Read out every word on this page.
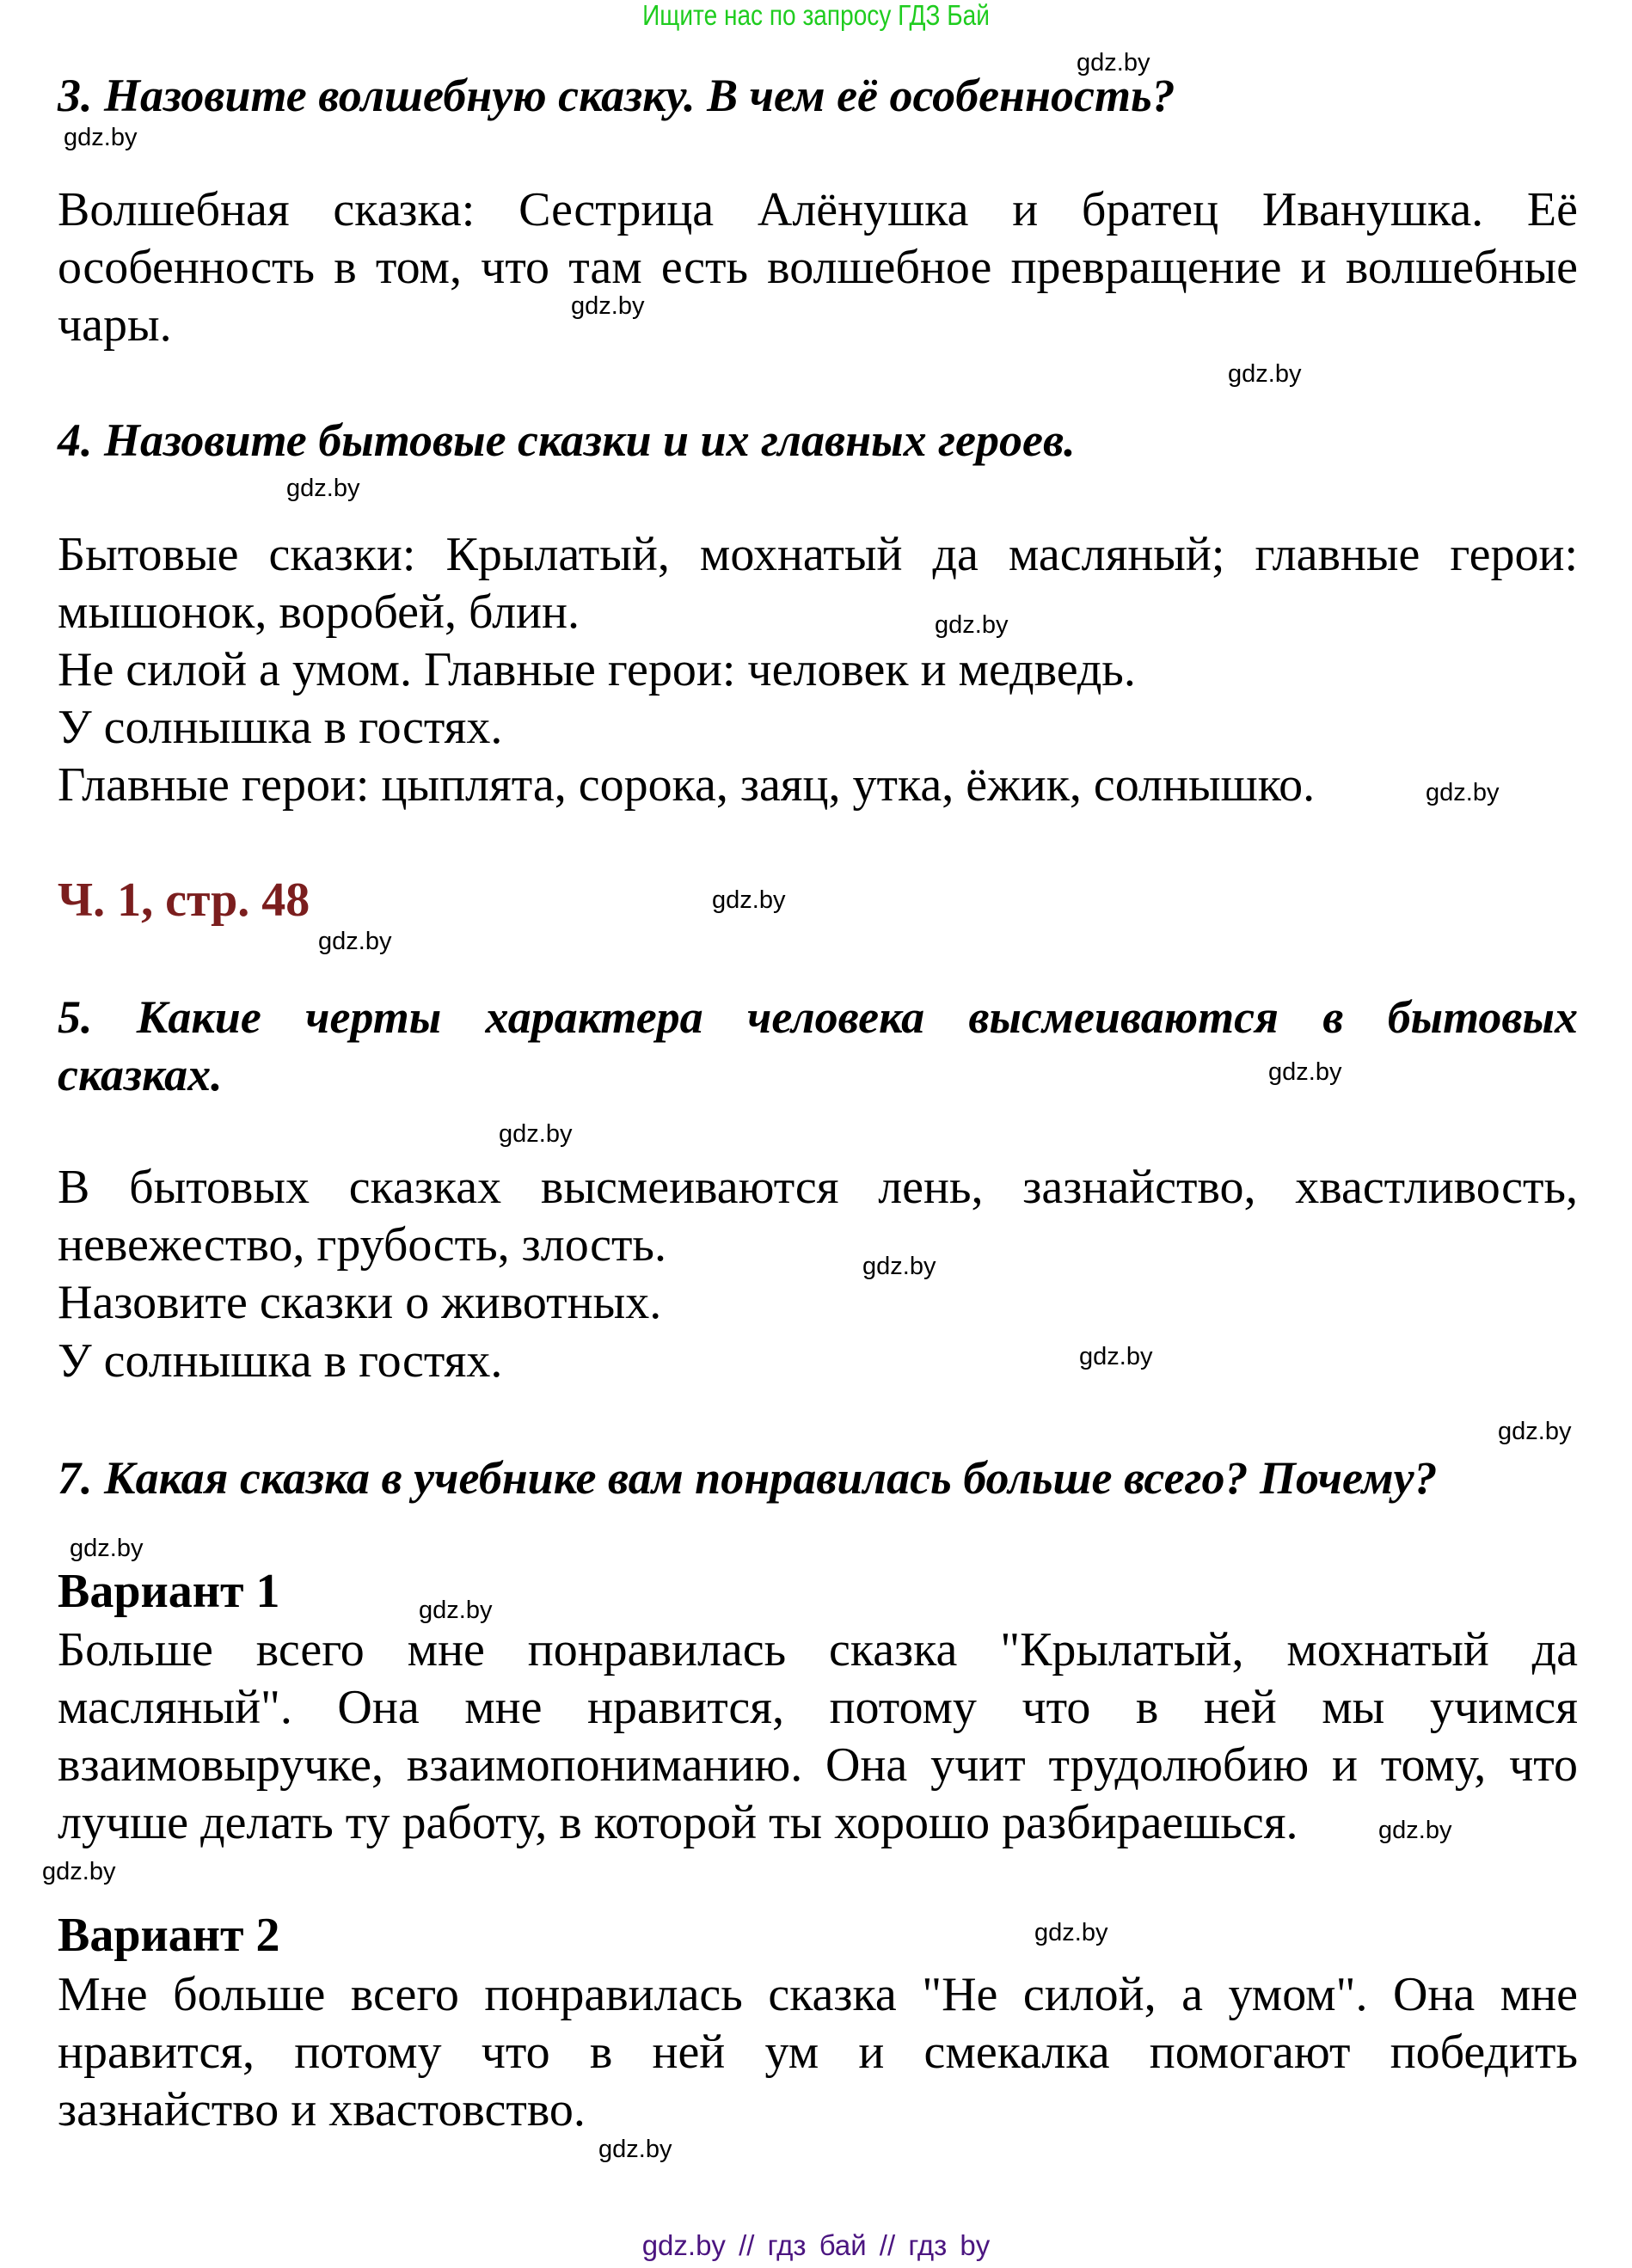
Ищите нас по запросу ГДЗ Бай
gdz.by
gdz.by
gdz.by
gdz.by
gdz.by
gdz.by
gdz.by
gdz.by
gdz.by
gdz.by
gdz.by
gdz.by
gdz.by
gdz.by
gdz.by
gdz.by
gdz.by
gdz.by
gdz.by
gdz.by
3. Назовите волшебную сказку. В чем её особенность?
Волшебная сказка: Сестрица Алёнушка и братец Иванушка. Её
особенность в том, что там есть волшебное превращение и волшебные
чары.
4. Назовите бытовые сказки и их главных героев.
Бытовые сказки: Крылатый, мохнатый да масляный; главные герои:
мышонок, воробей, блин.
Не силой а умом. Главные герои: человек и медведь.
У солнышка в гостях.
Главные герои: цыплята, сорока, заяц, утка, ёжик, солнышко.
Ч. 1, стр. 48
5. Какие черты характера человека высмеиваются в бытовых
сказках.
В бытовых сказках высмеиваются лень, зазнайство, хвастливость,
невежество, грубость, злость.
Назовите сказки о животных.
У солнышка в гостях.
7. Какая сказка в учебнике вам понравилась больше всего? Почему?
Вариант 1
Больше всего мне понравилась сказка "Крылатый, мохнатый да
масляный". Она мне нравится, потому что в ней мы учимся
взаимовыручке, взаимопониманию. Она учит трудолюбию и тому, что
лучше делать ту работу, в которой ты хорошо разбираешься.
Вариант 2
Мне больше всего понравилась сказка "Не силой, а умом". Она мне
нравится, потому что в ней ум и смекалка помогают победить
зазнайство и хвастовство.
gdz.by // гдз бай // гдз by
